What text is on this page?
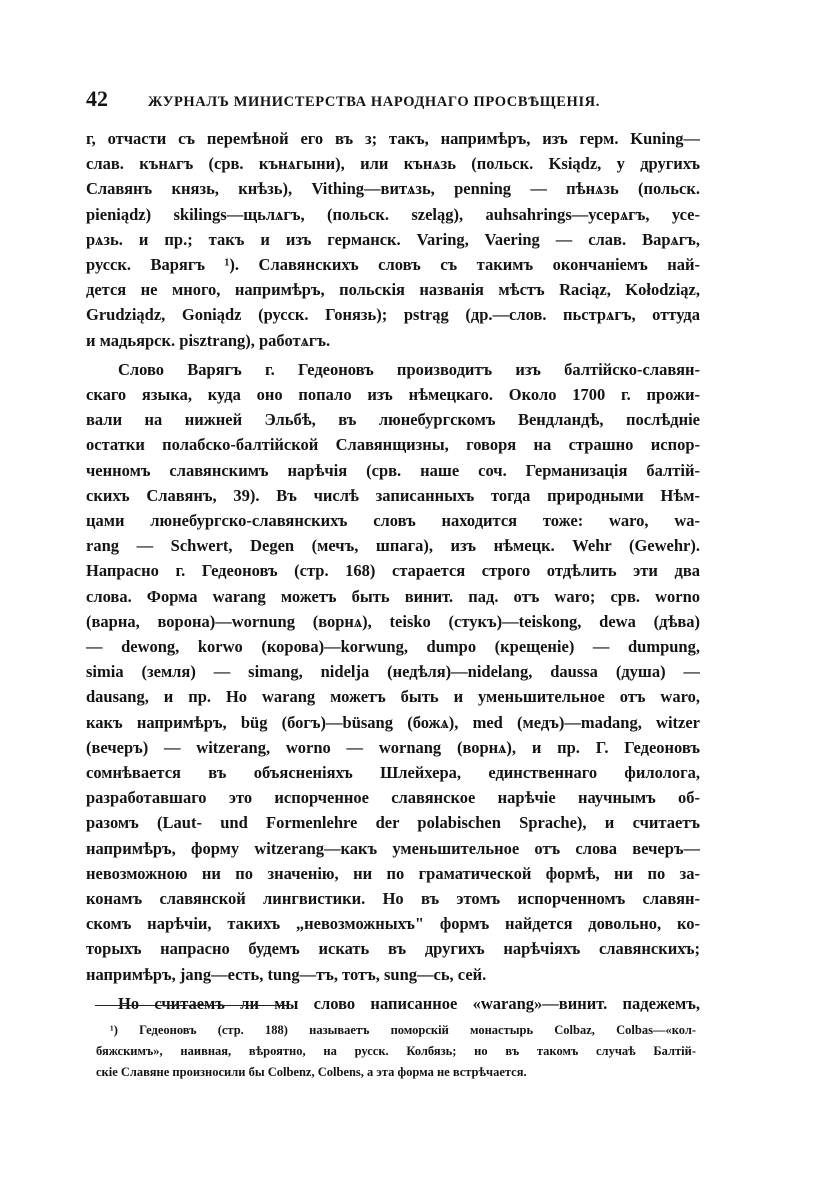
42	ЖУРНАЛЪ МИНИСТЕРСТВА НАРОДНАГО ПРОСВѢЩЕНІЯ.
г, отчасти съ перемѣной его въ з; такъ, напримѣръ, изъ герм. Kuning—
слав. кънѧгъ (срв. кънѧгыни), или кънѧзь (польск. Ksiądz, у другихъ
Славянъ князь, кнѣзь), Vithing—витѧзь, penning — пѣнѧзь (польск.
pieniądz) skilings—щьлѧгъ, (польск. szeląg), auhsahrings—усерѧгъ, усе-
рѧзь. и пр.; такъ и изъ германск. Varing, Vaering — слав. Варѧгъ,
русск. Варягъ ¹). Славянскихъ словъ съ такимъ окончаніемъ най-
дется не много, напримѣръ, польскія названія мѣстъ Raciąz, Kołodziąz,
Grudziądz, Goniądz (русск. Гонязь); pstrąg (др.—слов. пьстрѧгъ, оттуда
и мадьярск. pisztrang), работѧгъ.
Слово Варягъ г. Гедеоновъ производитъ изъ балтійско-славян-
скаго языка, куда оно попало изъ нѣмецкаго. Около 1700 г. прожи-
вали на нижней Эльбѣ, въ люнебургскомъ Вендландѣ, послѣдніе
остатки полабско-балтійской Славянщизны, говоря на страшно испор-
ченномъ славянскимъ нарѣчія (срв. наше соч. Германизація балтій-
скихъ Славянъ, 39). Въ числѣ записанныхъ тогда природными Нѣм-
цами люнебургско-славянскихъ словъ находится тоже: waro, wa-
rang — Schwert, Degen (мечъ, шпага), изъ нѣмецк. Wehr (Gewehr).
Напрасно г. Гедеоновъ (стр. 168) старается строго отдѣлить эти два
слова. Форма warang можетъ быть винит. пад. отъ waro; срв. worno
(варна, ворона)—wornung (ворнѧ), teisko (стукъ)—teiskong, dewa (дѣва)
— dewong, korwo (корова)—korwung, dumpo (крещеніе) — dumpung,
simia (земля) — simang, nidelja (недѣля)—nidelang, daussa (душа) —
dausang, и пр. Но warang можетъ быть и уменьшительное отъ waro,
какъ напримѣръ, büg (богъ)—büsang (божѧ), med (медъ)—madang, witzer
(вечеръ) — witzerang, worno — wornang (ворнѧ), и пр. Г. Гедеоновъ
сомнѣвается въ объясненіяхъ Шлейхера, единственнаго филолога,
разработавшаго это испорченное славянское нарѣчіе научнымъ об-
разомъ (Laut- und Formenlehre der polabischen Sprache), и считаетъ
напримѣръ, форму witzerang—какъ уменьшительное отъ слова вечеръ—
невозможною ни по значенію, ни по граматической формѣ, ни по за-
конамъ славянской лингвистики. Но въ этомъ испорченномъ славян-
скомъ нарѣчіи, такихъ „невозможныхъ" формъ найдется довольно, ко-
торыхъ напрасно будемъ искать въ другихъ нарѣчіяхъ славянскихъ;
напримѣръ, jang—есть, tung—тъ, тотъ, sung—сь, сей.
Но считаемъ ли мы слово написанное «warang»—винит. падежемъ,
¹) Гедеоновъ (стр. 188) называетъ поморскій монастырь Colbaz, Colbas—«кол-
бяжскимъ», наивная, вѣроятно, на русск. Колбязь; но въ такомъ случаѣ Балтій-
скіе Славяне произносили бы Colbenz, Colbens, а эта форма не встрѣчается.
